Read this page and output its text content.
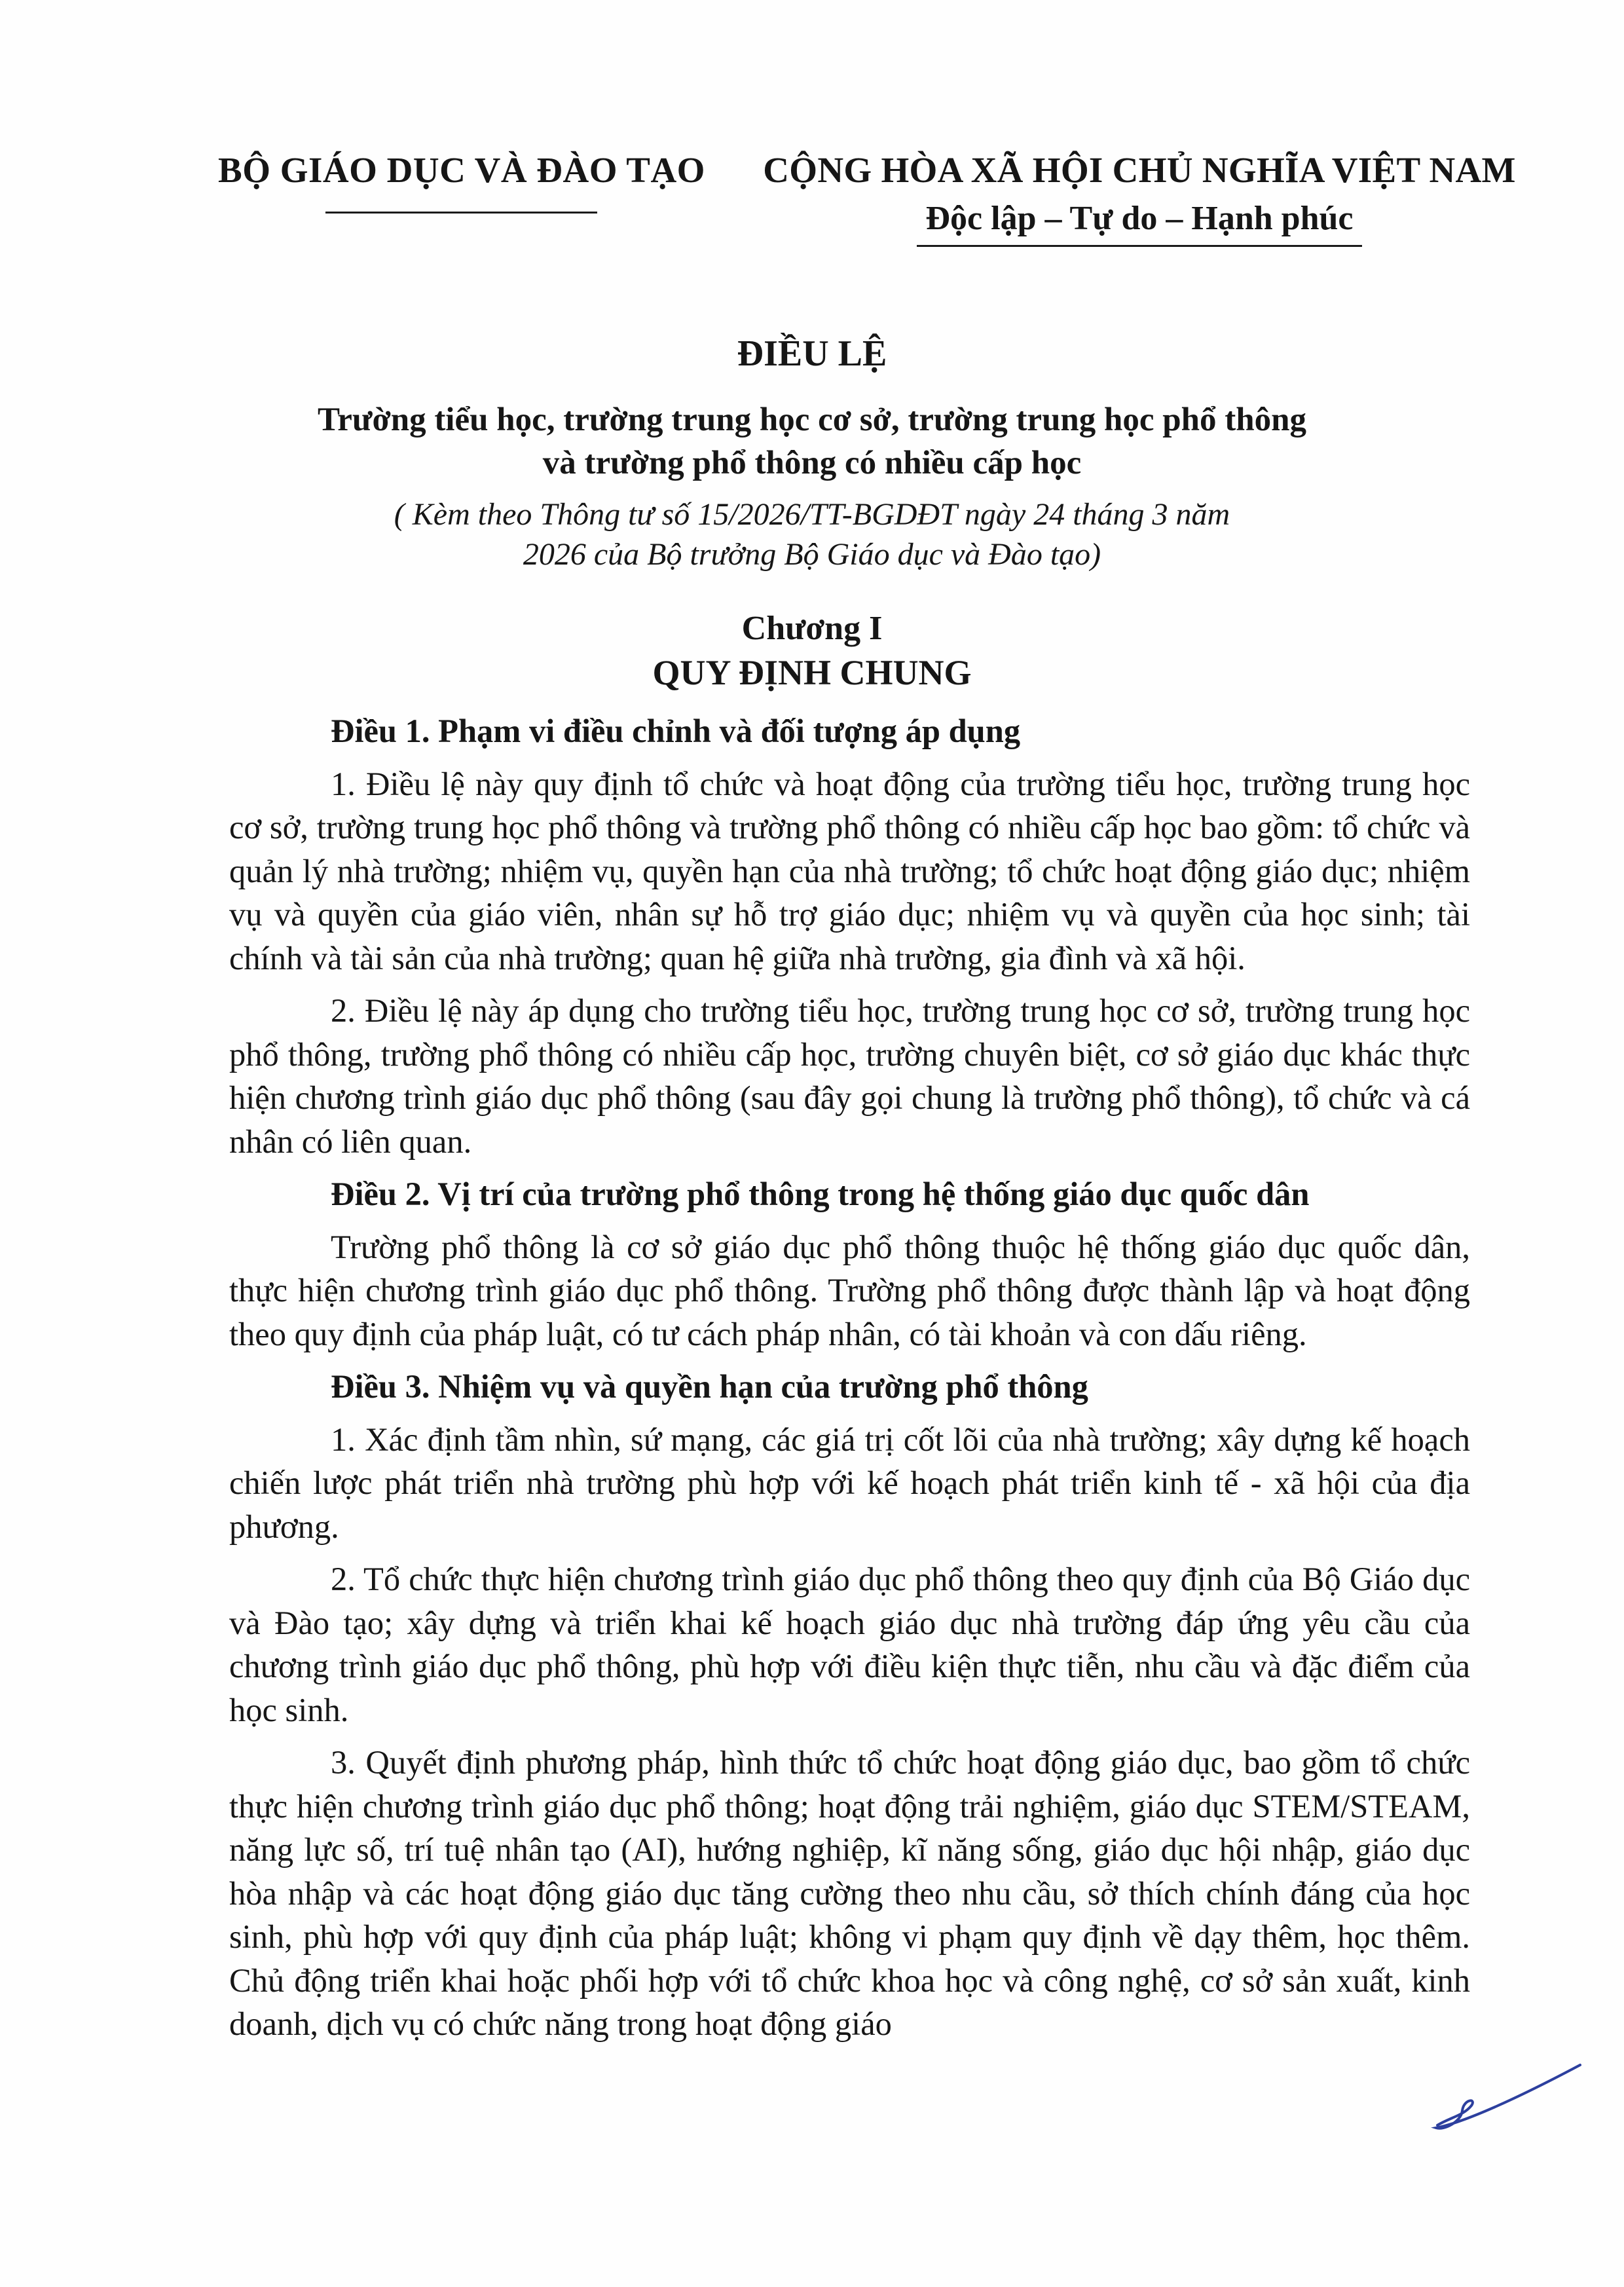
BỘ GIÁO DỤC VÀ ĐÀO TẠO CỘNG HÒA XÃ HỘI CHỦ NGHĨA VIỆT NAM
Độc lập – Tự do – Hạnh phúc
ĐIỀU LỆ
Trường tiểu học, trường trung học cơ sở, trường trung học phổ thông và trường phổ thông có nhiều cấp học
( Kèm theo Thông tư số 15/2026/TT-BGDĐT ngày 24 tháng 3 năm 2026 của Bộ trưởng Bộ Giáo dục và Đào tạo)
Chương I
QUY ĐỊNH CHUNG

Điều 1. Phạm vi điều chỉnh và đối tượng áp dụng

1. Điều lệ này quy định tổ chức và hoạt động của trường tiểu học, trường trung học cơ sở, trường trung học phổ thông và trường phổ thông có nhiều cấp học bao gồm: tổ chức và quản lý nhà trường; nhiệm vụ, quyền hạn của nhà trường; tổ chức hoạt động giáo dục; nhiệm vụ và quyền của giáo viên, nhân sự hỗ trợ giáo dục; nhiệm vụ và quyền của học sinh; tài chính và tài sản của nhà trường; quan hệ giữa nhà trường, gia đình và xã hội.

2. Điều lệ này áp dụng cho trường tiểu học, trường trung học cơ sở, trường trung học phổ thông, trường phổ thông có nhiều cấp học, trường chuyên biệt, cơ sở giáo dục khác thực hiện chương trình giáo dục phổ thông (sau đây gọi chung là trường phổ thông), tổ chức và cá nhân có liên quan.

Điều 2. Vị trí của trường phổ thông trong hệ thống giáo dục quốc dân

Trường phổ thông là cơ sở giáo dục phổ thông thuộc hệ thống giáo dục quốc dân, thực hiện chương trình giáo dục phổ thông. Trường phổ thông được thành lập và hoạt động theo quy định của pháp luật, có tư cách pháp nhân, có tài khoản và con dấu riêng.

Điều 3. Nhiệm vụ và quyền hạn của trường phổ thông

1. Xác định tầm nhìn, sứ mạng, các giá trị cốt lõi của nhà trường; xây dựng kế hoạch chiến lược phát triển nhà trường phù hợp với kế hoạch phát triển kinh tế - xã hội của địa phương.

2. Tổ chức thực hiện chương trình giáo dục phổ thông theo quy định của Bộ Giáo dục và Đào tạo; xây dựng và triển khai kế hoạch giáo dục nhà trường đáp ứng yêu cầu của chương trình giáo dục phổ thông, phù hợp với điều kiện thực tiễn, nhu cầu và đặc điểm của học sinh.

3. Quyết định phương pháp, hình thức tổ chức hoạt động giáo dục, bao gồm tổ chức thực hiện chương trình giáo dục phổ thông; hoạt động trải nghiệm, giáo dục STEM/STEAM, năng lực số, trí tuệ nhân tạo (AI), hướng nghiệp, kĩ năng sống, giáo dục hội nhập, giáo dục hòa nhập và các hoạt động giáo dục tăng cường theo nhu cầu, sở thích chính đáng của học sinh, phù hợp với quy định của pháp luật; không vi phạm quy định về dạy thêm, học thêm. Chủ động triển khai hoặc phối hợp với tổ chức khoa học và công nghệ, cơ sở sản xuất, kinh doanh, dịch vụ có chức năng trong hoạt động giáo
